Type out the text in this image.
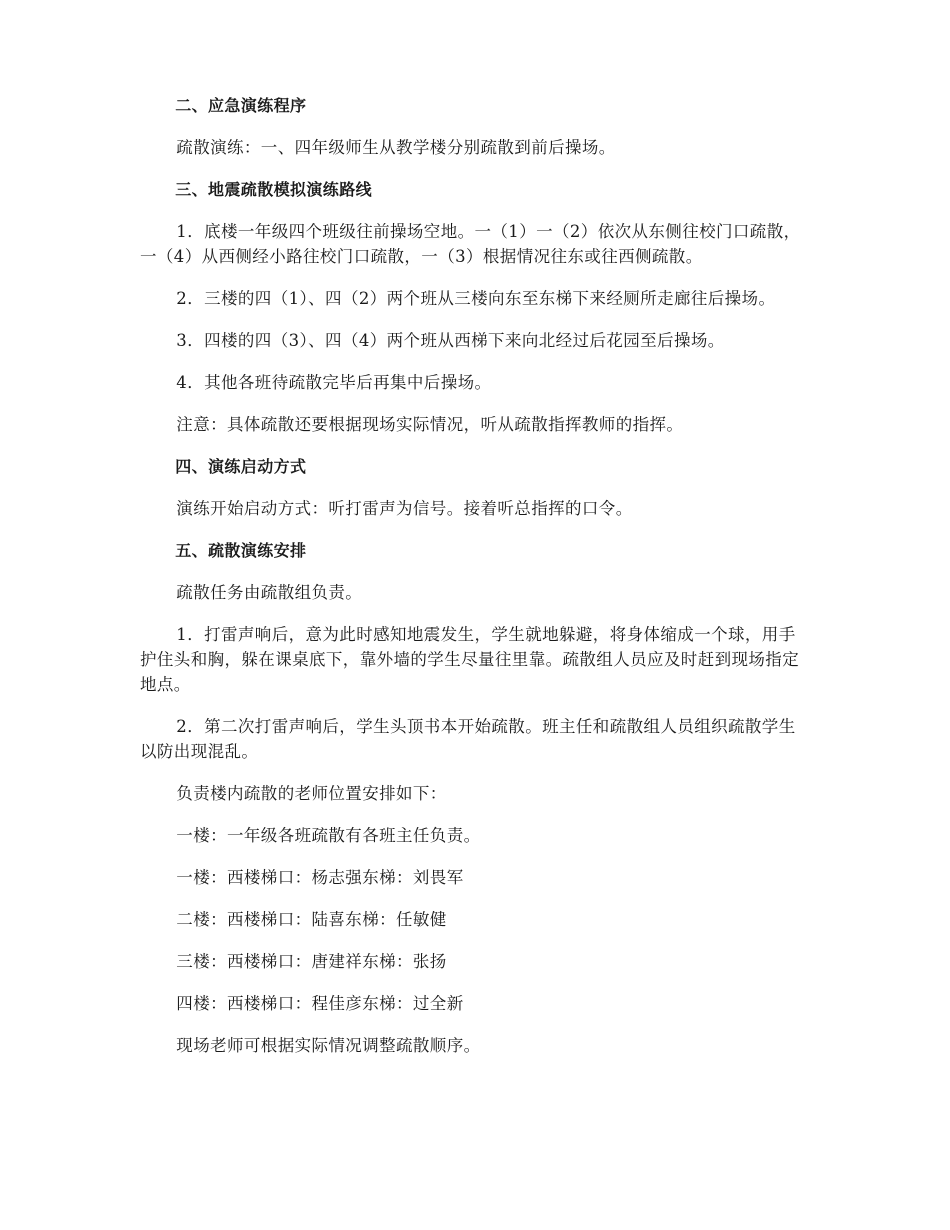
二、应急演练程序

疏散演练：一、四年级师生从教学楼分别疏散到前后操场。

三、地震疏散模拟演练路线

1．底楼一年级四个班级往前操场空地。一（1）一（2）依次从东侧往校门口疏散，一（4）从西侧经小路往校门口疏散，一（3）根据情况往东或往西侧疏散。

2．三楼的四（1）、四（2）两个班从三楼向东至东梯下来经厕所走廊往后操场。

3．四楼的四（3）、四（4）两个班从西梯下来向北经过后花园至后操场。

4．其他各班待疏散完毕后再集中后操场。

注意：具体疏散还要根据现场实际情况，听从疏散指挥教师的指挥。

四、演练启动方式

演练开始启动方式：听打雷声为信号。接着听总指挥的口令。

五、疏散演练安排

疏散任务由疏散组负责。

1．打雷声响后，意为此时感知地震发生，学生就地躲避，将身体缩成一个球，用手护住头和胸，躲在课桌底下，靠外墙的学生尽量往里靠。疏散组人员应及时赶到现场指定地点。

2．第二次打雷声响后，学生头顶书本开始疏散。班主任和疏散组人员组织疏散学生以防出现混乱。

负责楼内疏散的老师位置安排如下：

一楼：一年级各班疏散有各班主任负责。

一楼：西楼梯口：杨志强东梯：刘畏军

二楼：西楼梯口：陆喜东梯：任敏健

三楼：西楼梯口：唐建祥东梯：张扬

四楼：西楼梯口：程佳彦东梯：过全新

现场老师可根据实际情况调整疏散顺序。
